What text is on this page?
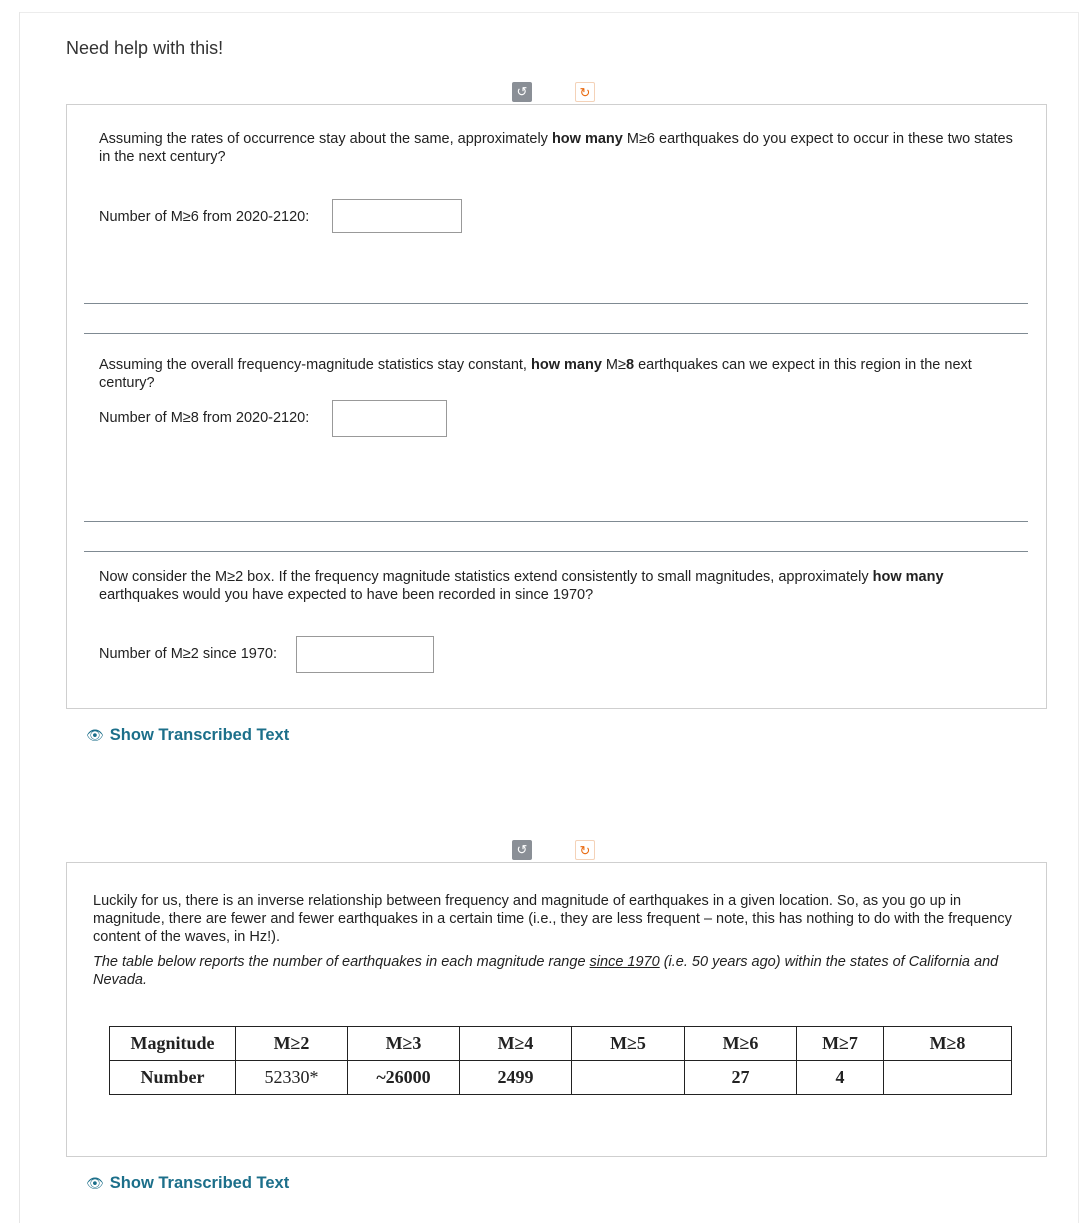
Need help with this!
↺	↻
Assuming the rates of occurrence stay about the same, approximately how many M≥6 earthquakes do you expect to occur in these two states in the next century?
Number of M≥6 from 2020-2120:
Assuming the overall frequency-magnitude statistics stay constant, how many M≥8 earthquakes can we expect in this region in the next century?
Number of M≥8 from 2020-2120:
Now consider the M≥2 box. If the frequency magnitude statistics extend consistently to small magnitudes, approximately how many earthquakes would you have expected to have been recorded in since 1970?
Number of M≥2 since 1970:
👁 Show Transcribed Text
↺	↻
Luckily for us, there is an inverse relationship between frequency and magnitude of earthquakes in a given location. So, as you go up in magnitude, there are fewer and fewer earthquakes in a certain time (i.e., they are less frequent – note, this has nothing to do with the frequency content of the waves, in Hz!).
The table below reports the number of earthquakes in each magnitude range since 1970 (i.e. 50 years ago) within the states of California and Nevada.
Magnitude	M≥2	M≥3	M≥4	M≥5	M≥6	M≥7	M≥8
Number	52330*	~26000	2499		27	4	
👁 Show Transcribed Text
